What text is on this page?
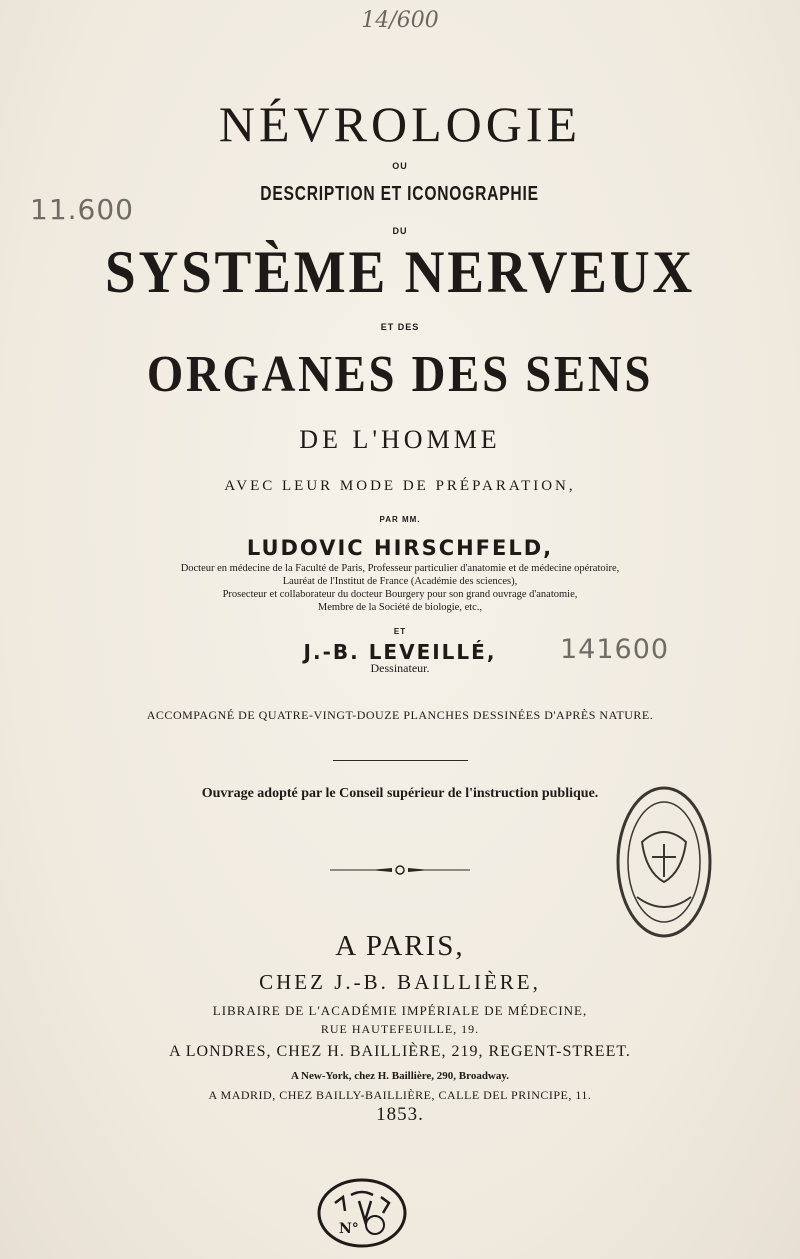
14/600
NÉVROLOGIE
OU
11.600	DESCRIPTION ET ICONOGRAPHIE
DU
SYSTÈME NERVEUX
ET DES
ORGANES DES SENS
DE L'HOMME
AVEC LEUR MODE DE PRÉPARATION,
PAR MM.
LUDOVIC HIRSCHFELD,
Docteur en médecine de la Faculté de Paris, Professeur particulier d'anatomie et de médecine opératoire,
Lauréat de l'Institut de France (Académie des sciences),
Prosecteur et collaborateur du docteur Bourgery pour son grand ouvrage d'anatomie,
Membre de la Société de biologie, etc.,
ET
J.-B. LEVEILLÉ,	141600
Dessinateur.
ACCOMPAGNÉ DE QUATRE-VINGT-DOUZE PLANCHES DESSINÉES D'APRÈS NATURE.
Ouvrage adopté par le Conseil supérieur de l'instruction publique.
A PARIS,
CHEZ J.-B. BAILLIÈRE,
LIBRAIRE DE L'ACADÉMIE IMPÉRIALE DE MÉDECINE,
RUE HAUTEFEUILLE, 19.
A LONDRES, CHEZ H. BAILLIÈRE, 219, REGENT-STREET.
A New-York, chez H. Baillière, 290, Broadway.
A MADRID, CHEZ BAILLY-BAILLIÈRE, CALLE DEL PRINCIPE, 11.
1853.
N°
